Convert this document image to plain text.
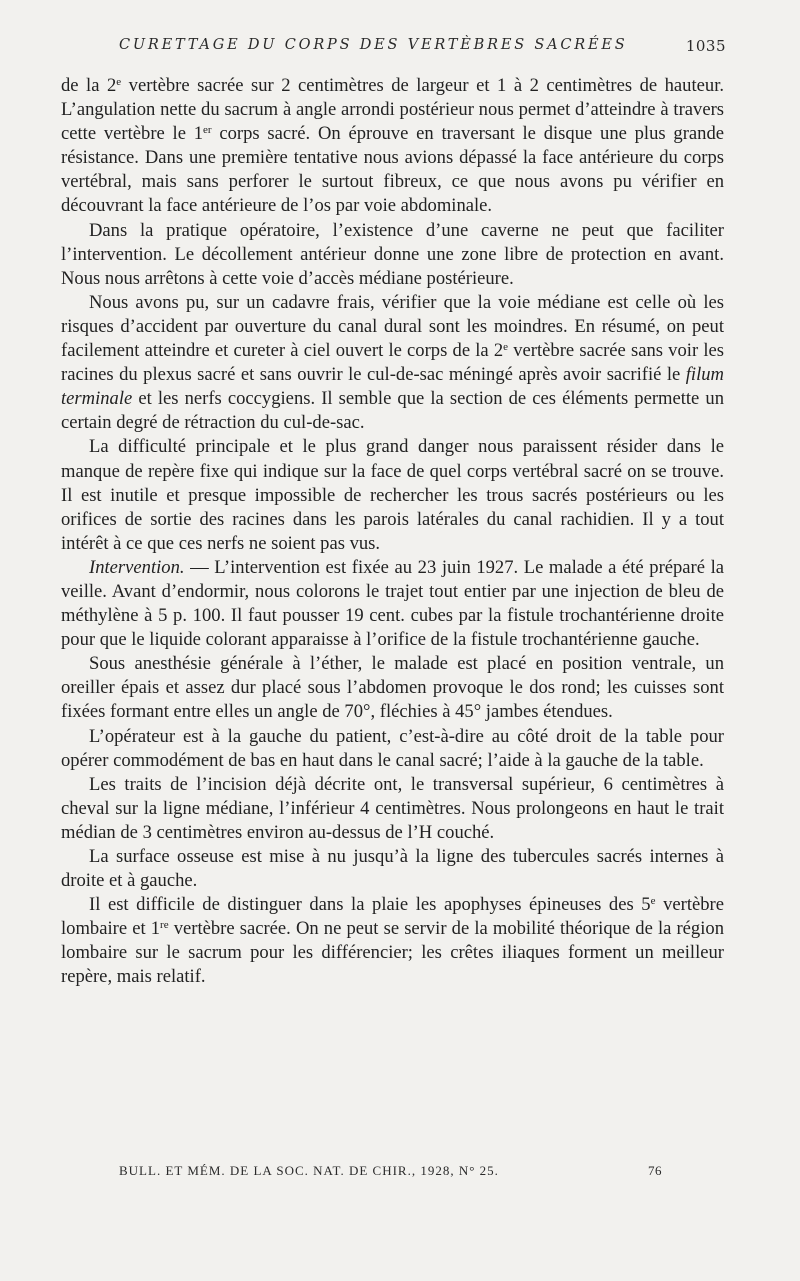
CURETTAGE DU CORPS DES VERTÈBRES SACRÉES	1035

de la 2e vertèbre sacrée sur 2 centimètres de largeur et 1 à 2 centimètres de hauteur. L’angulation nette du sacrum à angle arrondi postérieur nous permet d’atteindre à travers cette vertèbre le 1er corps sacré. On éprouve en traversant le disque une plus grande résistance. Dans une première tentative nous avions dépassé la face antérieure du corps vertébral, mais sans perforer le surtout fibreux, ce que nous avons pu vérifier en découvrant la face antérieure de l’os par voie abdominale.

Dans la pratique opératoire, l’existence d’une caverne ne peut que faciliter l’intervention. Le décollement antérieur donne une zone libre de protection en avant. Nous nous arrêtons à cette voie d’accès médiane postérieure.

Nous avons pu, sur un cadavre frais, vérifier que la voie médiane est celle où les risques d’accident par ouverture du canal dural sont les moindres. En résumé, on peut facilement atteindre et cureter à ciel ouvert le corps de la 2e vertèbre sacrée sans voir les racines du plexus sacré et sans ouvrir le cul-de-sac méningé après avoir sacrifié le filum terminale et les nerfs coccygiens. Il semble que la section de ces éléments permette un certain degré de rétraction du cul-de-sac.

La difficulté principale et le plus grand danger nous paraissent résider dans le manque de repère fixe qui indique sur la face de quel corps vertébral sacré on se trouve. Il est inutile et presque impossible de rechercher les trous sacrés postérieurs ou les orifices de sortie des racines dans les parois latérales du canal rachidien. Il y a tout intérêt à ce que ces nerfs ne soient pas vus.

Intervention. — L’intervention est fixée au 23 juin 1927. Le malade a été préparé la veille. Avant d’endormir, nous colorons le trajet tout entier par une injection de bleu de méthylène à 5 p. 100. Il faut pousser 19 cent. cubes par la fistule trochantérienne droite pour que le liquide colorant apparaisse à l’orifice de la fistule trochantérienne gauche.

Sous anesthésie générale à l’éther, le malade est placé en position ventrale, un oreiller épais et assez dur placé sous l’abdomen provoque le dos rond; les cuisses sont fixées formant entre elles un angle de 70°, fléchies à 45° jambes étendues.

L’opérateur est à la gauche du patient, c’est-à-dire au côté droit de la table pour opérer commodément de bas en haut dans le canal sacré; l’aide à la gauche de la table.

Les traits de l’incision déjà décrite ont, le transversal supérieur, 6 centimètres à cheval sur la ligne médiane, l’inférieur 4 centimètres. Nous prolongeons en haut le trait médian de 3 centimètres environ au-dessus de l’H couché.

La surface osseuse est mise à nu jusqu’à la ligne des tubercules sacrés internes à droite et à gauche.

Il est difficile de distinguer dans la plaie les apophyses épineuses des 5e vertèbre lombaire et 1re vertèbre sacrée. On ne peut se servir de la mobilité théorique de la région lombaire sur le sacrum pour les différencier; les crêtes iliaques forment un meilleur repère, mais relatif.

BULL. ET MÉM. DE LA SOC. NAT. DE CHIR., 1928, N° 25.	76
